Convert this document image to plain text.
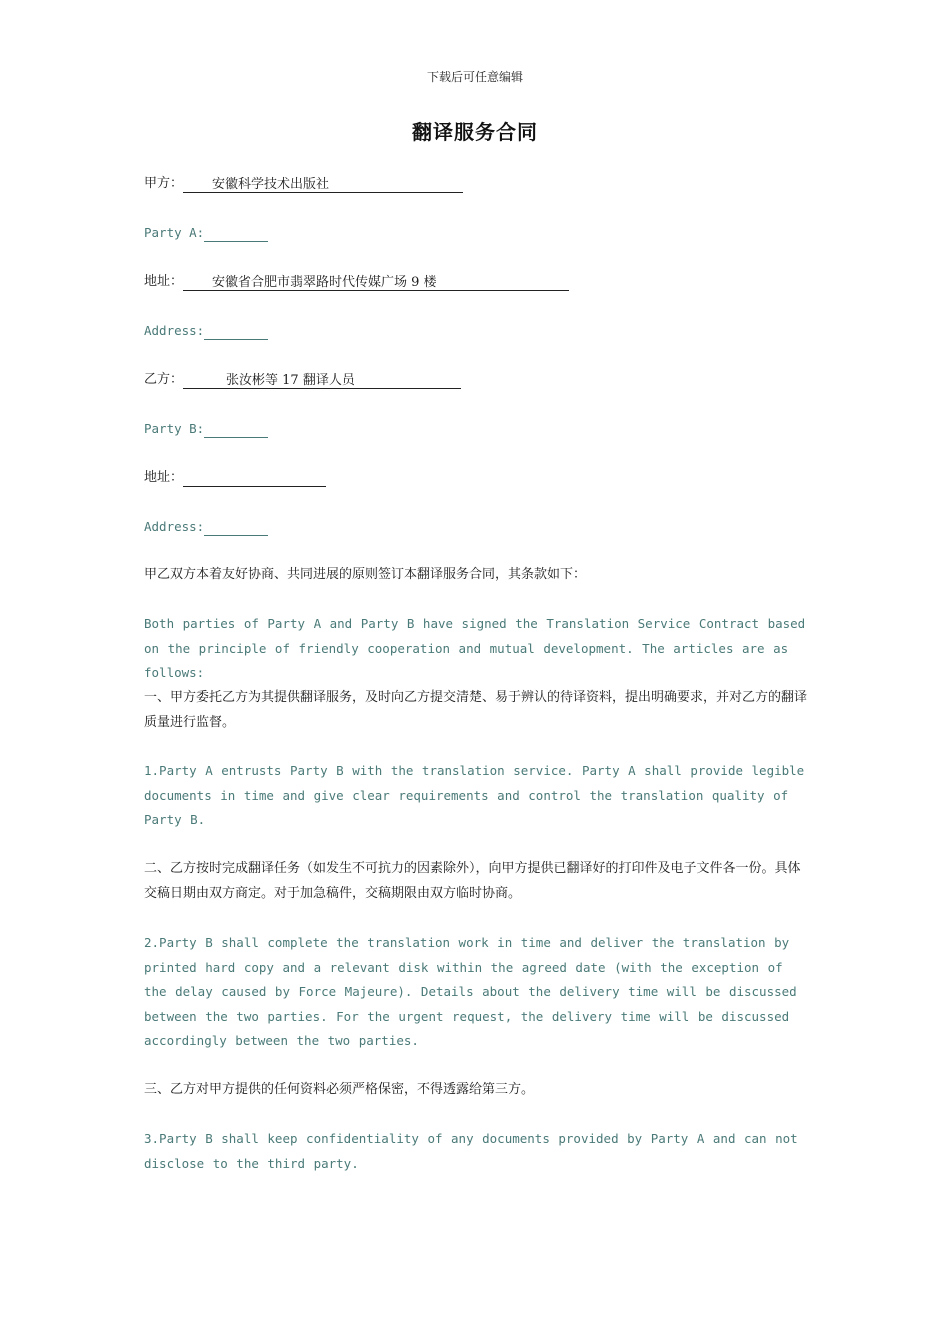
下载后可任意编辑
翻译服务合同
甲方： 安徽科学技术出版社
Party A:
地址： 安徽省合肥市翡翠路时代传媒广场 9 楼
Address:
乙方：	张汝彬等 17 翻译人员
Party B:
地址：
Address:
甲乙双方本着友好协商、共同进展的原则签订本翻译服务合同，其条款如下：
Both parties of Party A and Party B have signed the Translation Service Contract based on the principle of friendly cooperation and mutual development. The articles are as follows:
一、甲方委托乙方为其提供翻译服务，及时向乙方提交清楚、易于辨认的待译资料，提出明确要求，并对乙方的翻译质量进行监督。
1.Party A entrusts Party B with the translation service. Party A shall provide legible documents in time and give clear requirements and control the translation quality of Party B.
二、乙方按时完成翻译任务（如发生不可抗力的因素除外），向甲方提供已翻译好的打印件及电子文件各一份。具体交稿日期由双方商定。对于加急稿件，交稿期限由双方临时协商。
2.Party B shall complete the translation work in time and deliver the translation by printed hard copy and a relevant disk within the agreed date (with the exception of the delay caused by Force Majeure). Details about the delivery time will be discussed between the two parties. For the urgent request, the delivery time will be discussed accordingly between the two parties.
三、乙方对甲方提供的任何资料必须严格保密，不得透露给第三方。
3.Party B shall keep confidentiality of any documents provided by Party A and can not disclose to the third party.
